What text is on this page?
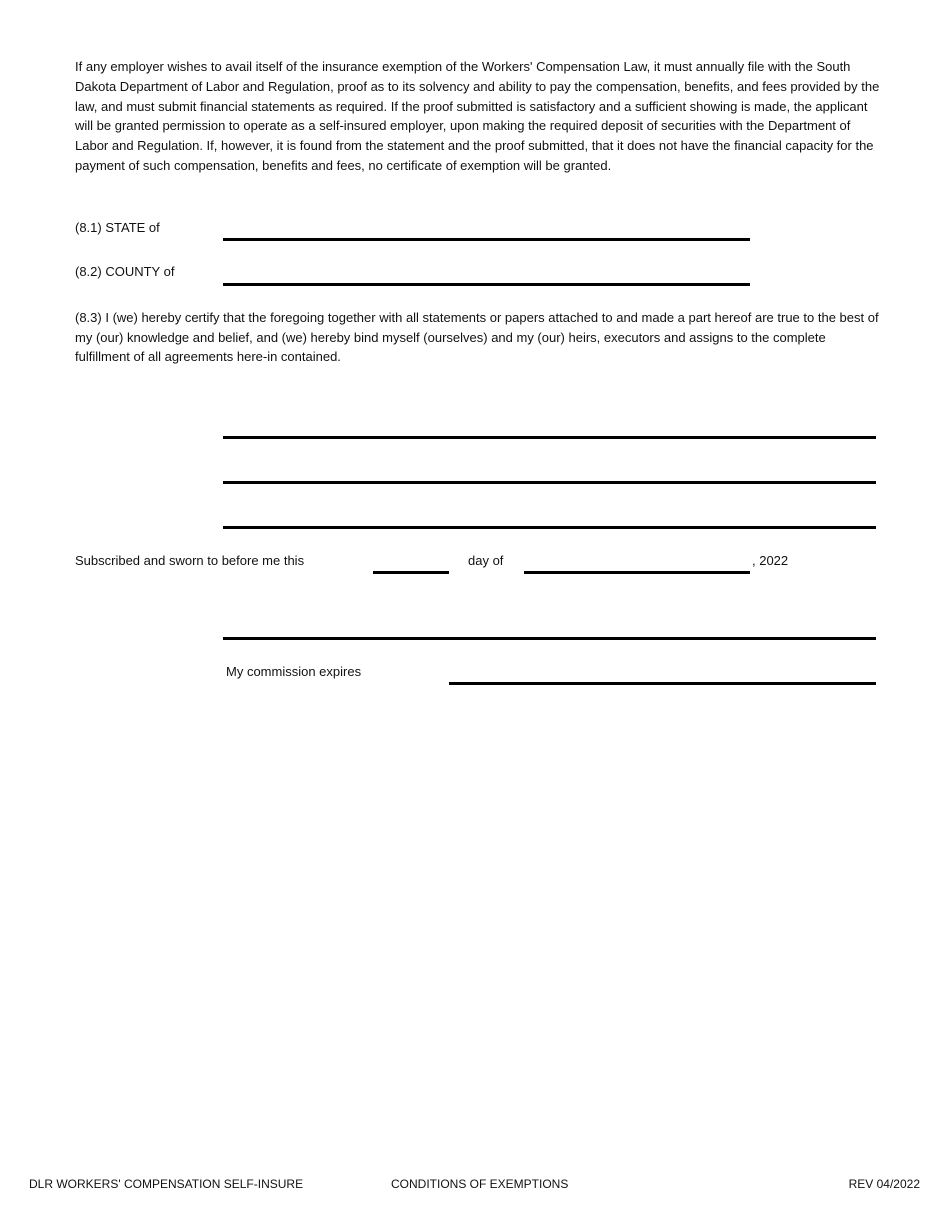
If any employer wishes to avail itself of the insurance exemption of the Workers' Compensation Law, it must annually file with the South Dakota Department of Labor and Regulation, proof as to its solvency and ability to pay the compensation, benefits, and fees provided by the law, and must submit financial statements as required. If the proof submitted is satisfactory and a sufficient showing is made, the applicant will be granted permission to operate as a self-insured employer, upon making the required deposit of securities with the Department of Labor and Regulation. If, however, it is found from the statement and the proof submitted, that it does not have the financial capacity for the payment of such compensation, benefits and fees, no certificate of exemption will be granted.

(8.1) STATE of
(8.2) COUNTY of

(8.3) I (we) hereby certify that the foregoing together with all statements or papers attached to and made a part hereof are true to the best of my (our) knowledge and belief, and (we) hereby bind myself (ourselves) and my (our) heirs, executors and assigns to the complete fulfillment of all agreements here-in contained.

Subscribed and sworn to before me this	day of	, 2022
My commission expires
DLR WORKERS' COMPENSATION SELF-INSURE	CONDITIONS OF EXEMPTIONS	REV 04/2022
